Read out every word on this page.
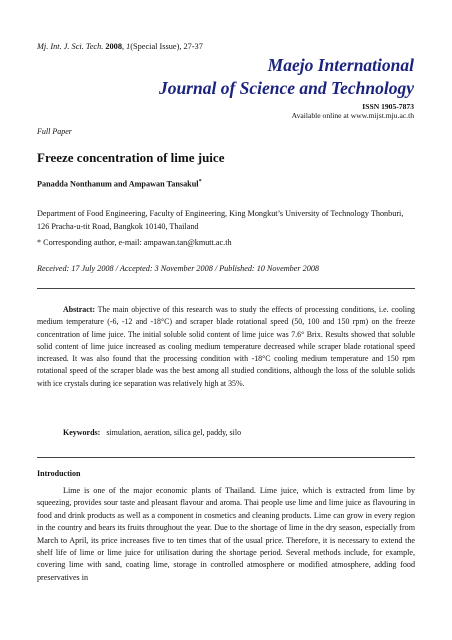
Mj. Int. J. Sci. Tech. 2008, 1(Special Issue), 27-37
Maejo International
Journal of Science and Technology
ISSN 1905-7873
Available online at www.mijst.mju.ac.th
Full Paper
Freeze concentration of lime juice
Panadda Nonthanum and Ampawan Tansakul*
Department of Food Engineering, Faculty of Engineering, King Mongkut’s University of Technology Thonburi, 126 Pracha-u-tit Road, Bangkok 10140, Thailand
* Corresponding author, e-mail: ampawan.tan@kmutt.ac.th
Received: 17 July 2008 / Accepted: 3 November 2008 / Published: 10 November 2008
Abstract: The main objective of this research was to study the effects of processing conditions, i.e. cooling medium temperature (-6, -12 and -18°C) and scraper blade rotational speed (50, 100 and 150 rpm) on the freeze concentration of lime juice. The initial soluble solid content of lime juice was 7.6° Brix. Results showed that soluble solid content of lime juice increased as cooling medium temperature decreased while scraper blade rotational speed increased. It was also found that the processing condition with -18°C cooling medium temperature and 150 rpm rotational speed of the scraper blade was the best among all studied conditions, although the loss of the soluble solids with ice crystals during ice separation was relatively high at 35%.
Keywords: simulation, aeration, silica gel, paddy, silo
Introduction
Lime is one of the major economic plants of Thailand. Lime juice, which is extracted from lime by squeezing, provides sour taste and pleasant flavour and aroma. Thai people use lime and lime juice as flavouring in food and drink products as well as a component in cosmetics and cleaning products. Lime can grow in every region in the country and bears its fruits throughout the year. Due to the shortage of lime in the dry season, especially from March to April, its price increases five to ten times that of the usual price. Therefore, it is necessary to extend the shelf life of lime or lime juice for utilisation during the shortage period. Several methods include, for example, covering lime with sand, coating lime, storage in controlled atmosphere or modified atmosphere, adding food preservatives in
